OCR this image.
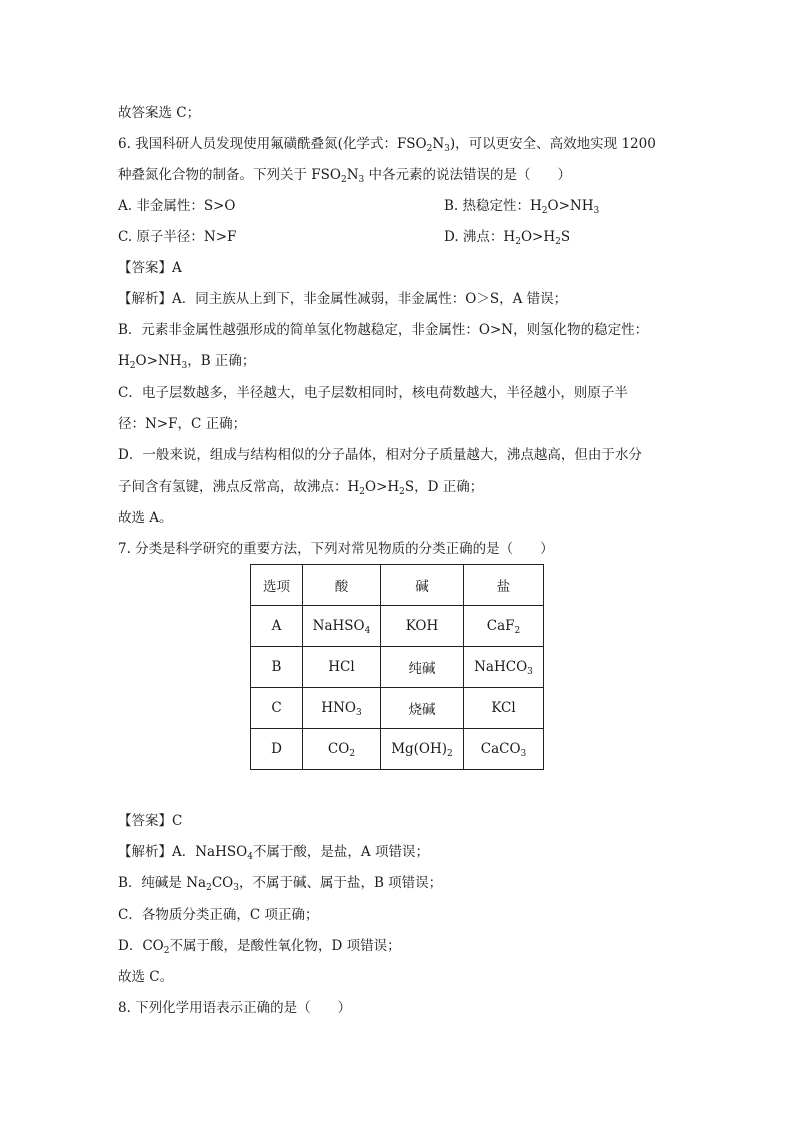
故答案选 C；
6. 我国科研人员发现使用氟磺酰叠氮(化学式：$FSO_2N_3$)，可以更安全、高效地实现 1200
种叠氮化合物的制备。下列关于 $FSO_2N_3$ 中各元素的说法错误的是（　　）
A. 非金属性：S>O	B. 热稳定性：$H_2O>NH_3$
C. 原子半径：N>F	D. 沸点：$H_2O>H_2S$
【答案】A
【解析】A．同主族从上到下，非金属性减弱，非金属性：O＞S，A 错误；
B．元素非金属性越强形成的简单氢化物越稳定，非金属性：O>N，则氢化物的稳定性：
$H_2O>NH_3$，B 正确；
C．电子层数越多，半径越大，电子层数相同时，核电荷数越大，半径越小，则原子半
径：N>F，C 正确；
D．一般来说，组成与结构相似的分子晶体，相对分子质量越大，沸点越高，但由于水分
子间含有氢键，沸点反常高，故沸点：$H_2O>H_2S$，D 正确；
故选 A。
7. 分类是科学研究的重要方法，下列对常见物质的分类正确的是（　　）
选项	酸	碱	盐
A	NaHSO$_4$	KOH	CaF$_2$
B	HCl	纯碱	NaHCO$_3$
C	$HNO_3$	烧碱	KCl
D	$CO_2$	$Mg(OH)_2$	CaCO$_3$
【答案】C
【解析】A．NaHSO$_4$不属于酸，是盐，A 项错误；
B．纯碱是 $Na_2CO_3$，不属于碱、属于盐，B 项错误；
C．各物质分类正确，C 项正确；
D．$CO_2$不属于酸，是酸性氧化物，D 项错误；
故选 C。
8. 下列化学用语表示正确的是（　　）
